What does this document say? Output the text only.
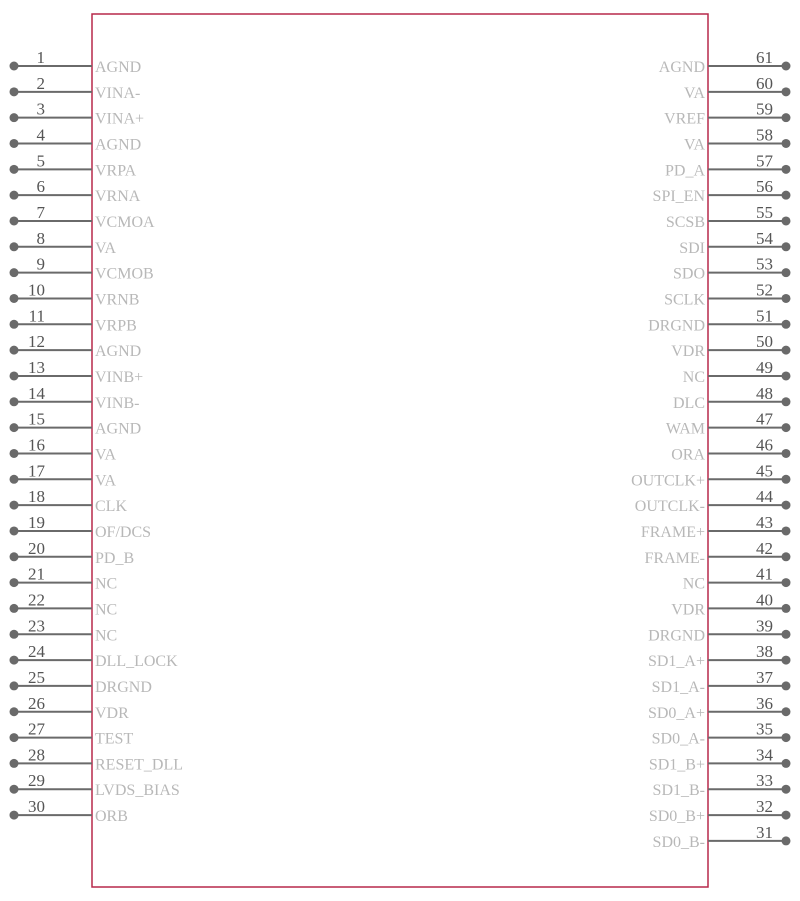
1
AGND
2
VINA-
3
VINA+
4
AGND
5
VRPA
6
VRNA
7
VCMOA
8
VA
9
VCMOB
10
VRNB
11
VRPB
12
AGND
13
VINB+
14
VINB-
15
AGND
16
VA
17
VA
18
CLK
19
OF/DCS
20
PD_B
21
NC
22
NC
23
NC
24
DLL_LOCK
25
DRGND
26
VDR
27
TEST
28
RESET_DLL
29
LVDS_BIAS
30
ORB
61
AGND
60
VA
59
VREF
58
VA
57
PD_A
56
SPI_EN
55
SCSB
54
SDI
53
SDO
52
SCLK
51
DRGND
50
VDR
49
NC
48
DLC
47
WAM
46
ORA
45
OUTCLK+
44
OUTCLK-
43
FRAME+
42
FRAME-
41
NC
40
VDR
39
DRGND
38
SD1_A+
37
SD1_A-
36
SD0_A+
35
SD0_A-
34
SD1_B+
33
SD1_B-
32
SD0_B+
31
SD0_B-
